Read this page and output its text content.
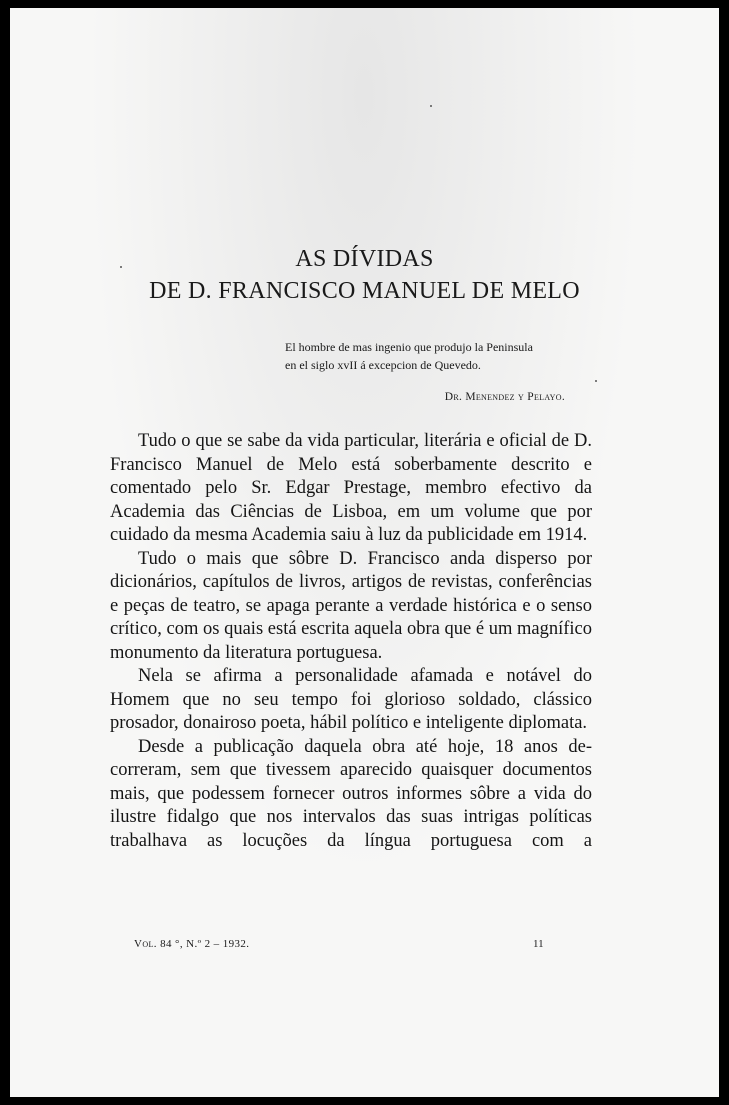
AS DÍVIDAS
DE D. FRANCISCO MANUEL DE MELO
El hombre de mas ingenio que produjo la Peninsula
en el siglo xvII á excepcion de Quevedo.
Dr. Menendez y Pelayo.

Tudo o que se sabe da vida particular, literária e oficial de D. Francisco Manuel de Melo está soberbamente descrito e comentado pelo Sr. Edgar Prestage, membro efectivo da Academia das Ciências de Lisboa, em um volume que por cuidado da mesma Academia saiu à luz da publicidade em 1914.

Tudo o mais que sôbre D. Francisco anda disperso por dicionários, capítulos de livros, artigos de revistas, conferências e peças de teatro, se apaga perante a verdade histórica e o senso crítico, com os quais está escrita aquela obra que é um magnífico monumento da literatura portuguesa.

Nela se afirma a personalidade afamada e notável do Homem que no seu tempo foi glorioso soldado, clássico prosador, donairoso poeta, hábil político e inteligente diplomata.

Desde a publicação daquela obra até hoje, 18 anos decorreram, sem que tivessem aparecido quaisquer documentos mais, que podessem fornecer outros informes sôbre a vida do ilustre fidalgo que nos intervalos das suas intrigas políticas trabalhava as locuções da língua portuguesa com a

Vol. 84 °, N.º 2 – 1932.	11
